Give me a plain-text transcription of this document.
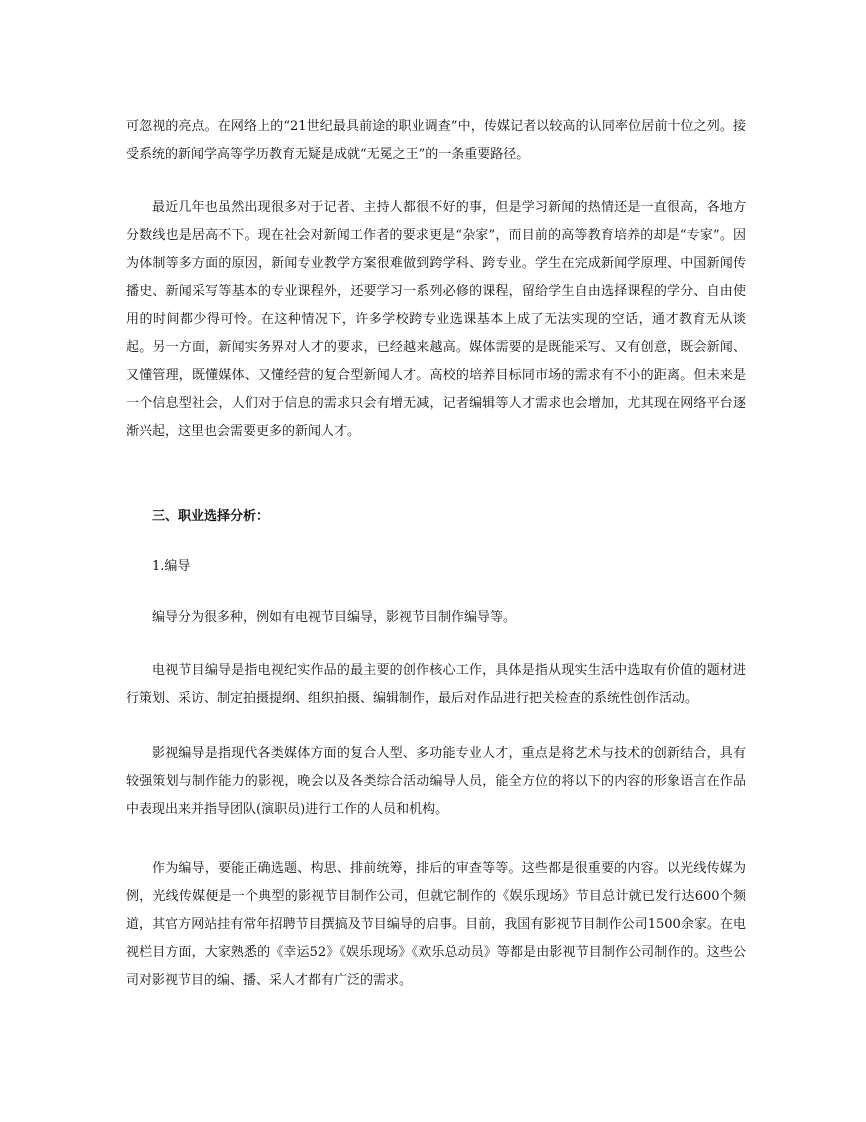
可忽视的亮点。在网络上的“21世纪最具前途的职业调查”中，传媒记者以较高的认同率位居前十位之列。接受系统的新闻学高等学历教育无疑是成就“无冕之王”的一条重要路径。

最近几年也虽然出现很多对于记者、主持人都很不好的事，但是学习新闻的热情还是一直很高，各地方分数线也是居高不下。现在社会对新闻工作者的要求更是“杂家”，而目前的高等教育培养的却是“专家”。因为体制等多方面的原因，新闻专业教学方案很难做到跨学科、跨专业。学生在完成新闻学原理、中国新闻传播史、新闻采写等基本的专业课程外，还要学习一系列必修的课程，留给学生自由选择课程的学分、自由使用的时间都少得可怜。在这种情况下，许多学校跨专业选课基本上成了无法实现的空话，通才教育无从谈起。另一方面，新闻实务界对人才的要求，已经越来越高。媒体需要的是既能采写、又有创意，既会新闻、又懂管理，既懂媒体、又懂经营的复合型新闻人才。高校的培养目标同市场的需求有不小的距离。但未来是一个信息型社会，人们对于信息的需求只会有增无减，记者编辑等人才需求也会增加，尤其现在网络平台逐渐兴起，这里也会需要更多的新闻人才。

三、职业选择分析：

1.编导

编导分为很多种，例如有电视节目编导，影视节目制作编导等。

电视节目编导是指电视纪实作品的最主要的创作核心工作，具体是指从现实生活中选取有价值的题材进行策划、采访、制定拍摄提纲、组织拍摄、编辑制作，最后对作品进行把关检查的系统性创作活动。

影视编导是指现代各类媒体方面的复合人型、多功能专业人才，重点是将艺术与技术的创新结合，具有较强策划与制作能力的影视，晚会以及各类综合活动编导人员，能全方位的将以下的内容的形象语言在作品中表现出来并指导团队(演职员)进行工作的人员和机构。

作为编导，要能正确选题、构思、排前统筹，排后的审查等等。这些都是很重要的内容。以光线传媒为例，光线传媒便是一个典型的影视节目制作公司，但就它制作的《娱乐现场》节目总计就已发行达600个频道，其官方网站挂有常年招聘节目撰搞及节目编导的启事。目前，我国有影视节目制作公司1500余家。在电视栏目方面，大家熟悉的《幸运52》《娱乐现场》《欢乐总动员》等都是由影视节目制作公司制作的。这些公司对影视节目的编、播、采人才都有广泛的需求。
